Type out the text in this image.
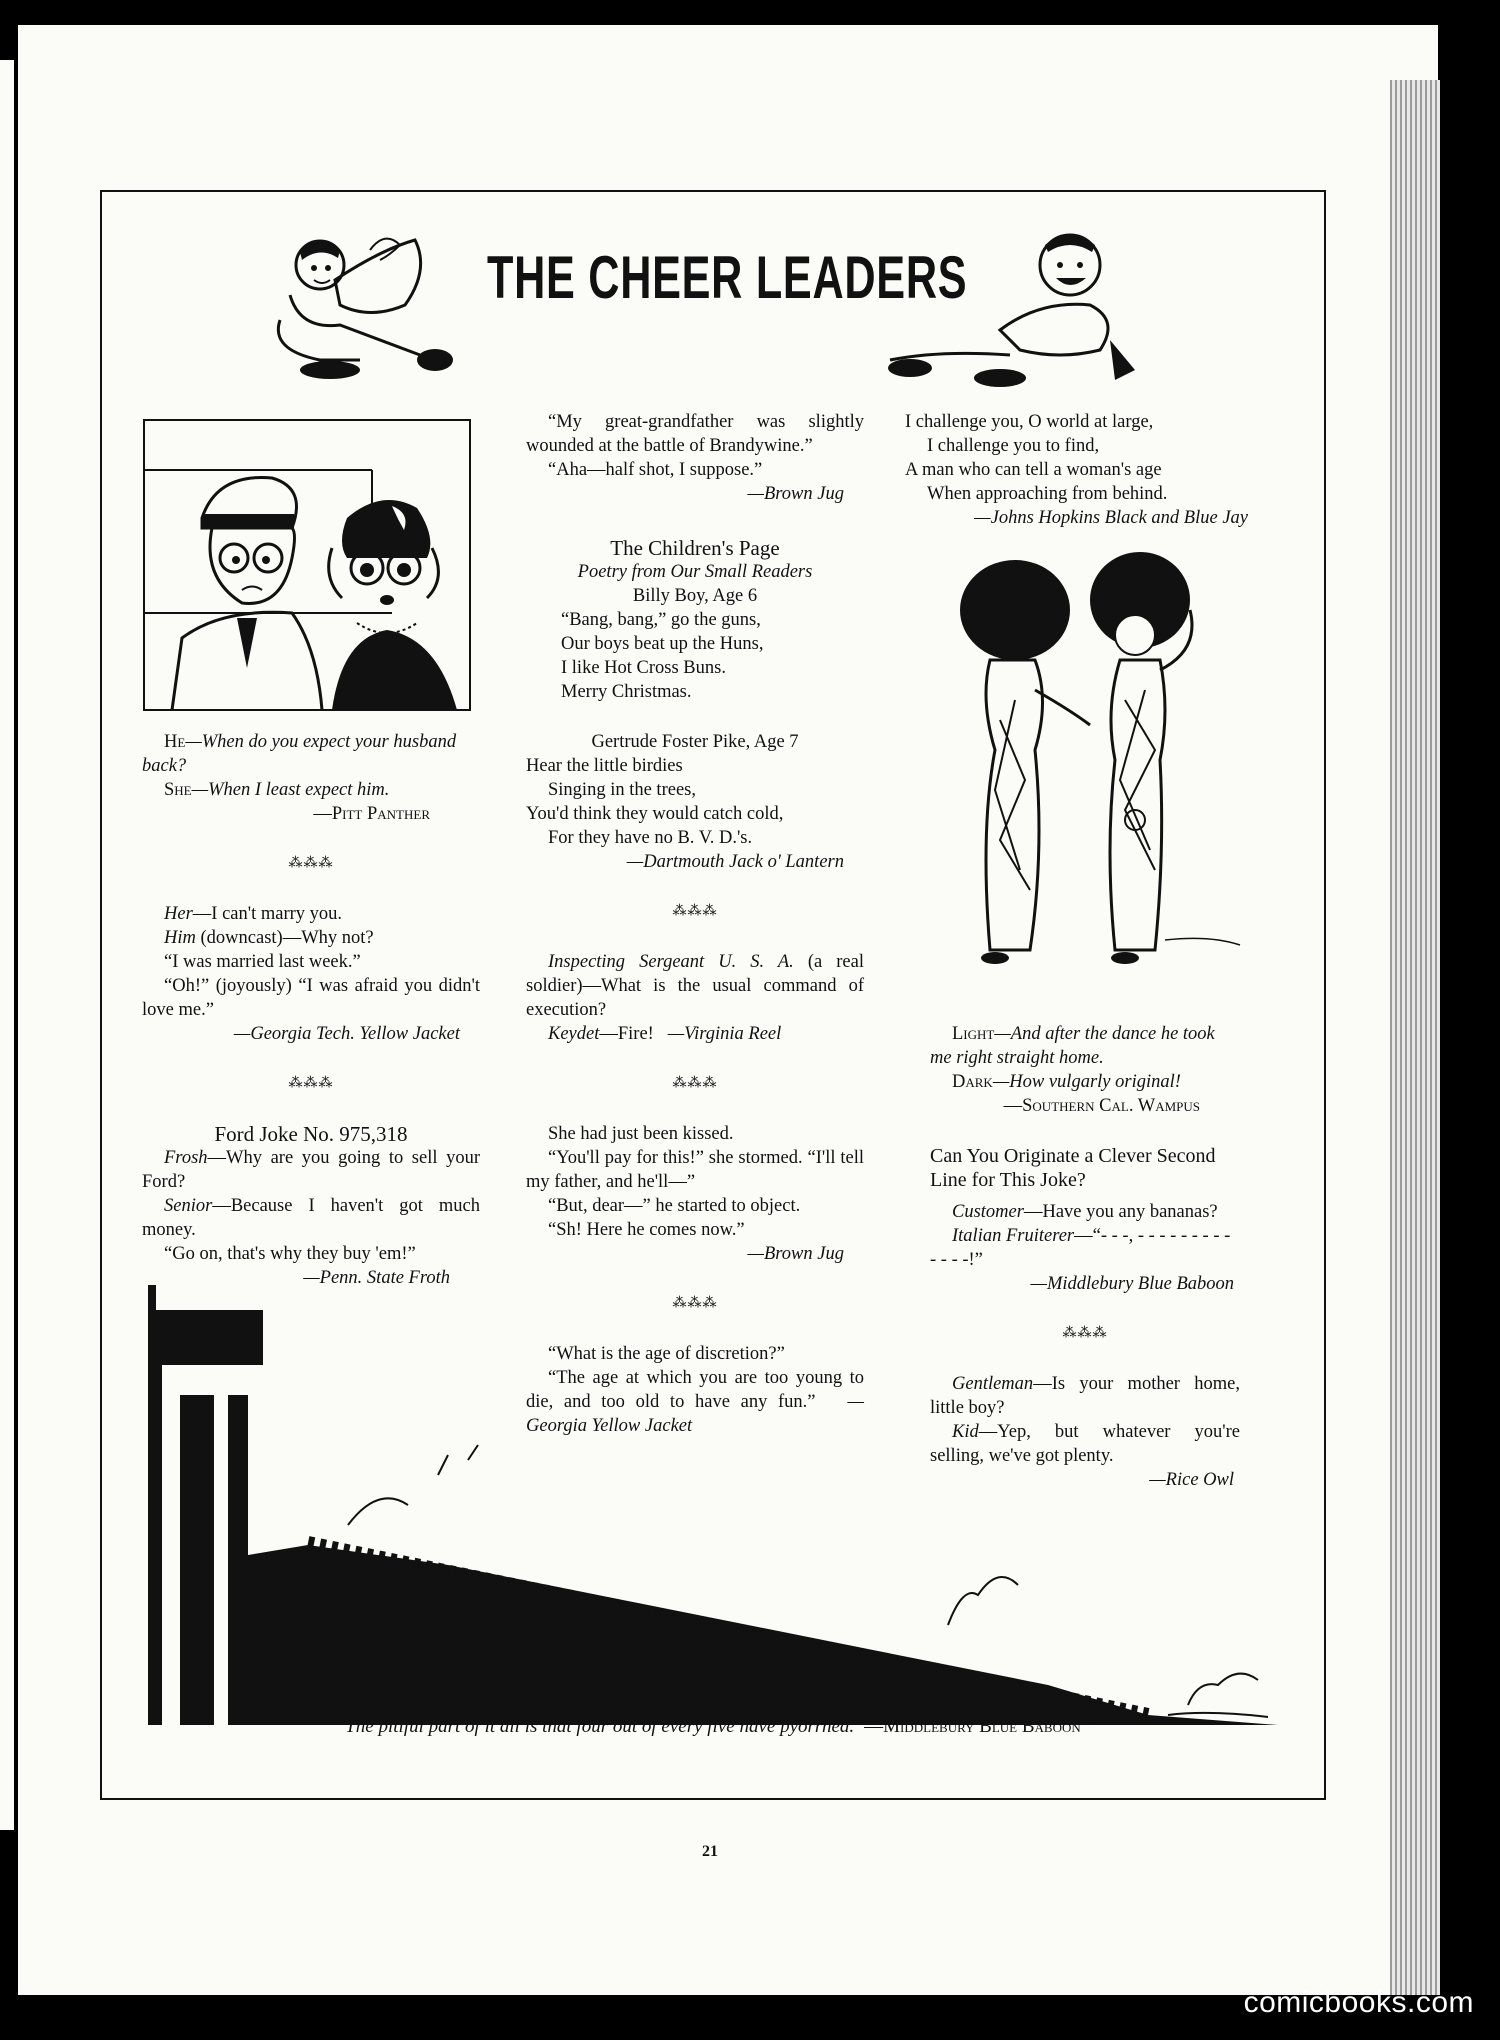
THE CHEER LEADERS

He—When do you expect your husband back?

She—When I least expect him.

—Pitt Panther

⁂⁂⁂

Her—I can't marry you.

Him (downcast)—Why not?

“I was married last week.”

“Oh!” (joyously) “I was afraid you didn't love me.”

—Georgia Tech. Yellow Jacket

⁂⁂⁂

Ford Joke No. 975,318

Frosh—Why are you going to sell your Ford?

Senior—Because I haven't got much money.

“Go on, that's why they buy 'em!”

—Penn. State Froth

“My great-grandfather was slightly wounded at the battle of Brandywine.”

“Aha—half shot, I suppose.”

—Brown Jug

The Children's Page

Poetry from Our Small Readers

Billy Boy, Age 6

“Bang, bang,” go the guns,

Our boys beat up the Huns,

I like Hot Cross Buns.

Merry Christmas.

Gertrude Foster Pike, Age 7

Hear the little birdies

Singing in the trees,

You'd think they would catch cold,

For they have no B. V. D.'s.

—Dartmouth Jack o' Lantern

⁂⁂⁂

Inspecting Sergeant U. S. A. (a real soldier)—What is the usual command of execution?

Keydet—Fire! —Virginia Reel

⁂⁂⁂

She had just been kissed.

“You'll pay for this!” she stormed. “I'll tell my father, and he'll—”

“But, dear—” he started to object.

“Sh! Here he comes now.”

—Brown Jug

⁂⁂⁂

“What is the age of discretion?”

“The age at which you are too young to die, and too old to have any fun.” —Georgia Yellow Jacket

I challenge you, O world at large,

I challenge you to find,

A man who can tell a woman's age

When approaching from behind.

—Johns Hopkins Black and Blue Jay

Light—And after the dance he took me right straight home.

Dark—How vulgarly original!

—Southern Cal. Wampus

Can You Originate a Clever Second Line for This Joke?

Customer—Have you any bananas?

Italian Fruiterer—“- - -, - - - - - - - - - - - - -!”

—Middlebury Blue Baboon

⁂⁂⁂

Gentleman—Is your mother home, little boy?

Kid—Yep, but whatever you're selling, we've got plenty.

—Rice Owl

The pitiful part of it all is that four out of every five have pyorrhea. —Middlebury Blue Baboon
21
comicbooks.com
